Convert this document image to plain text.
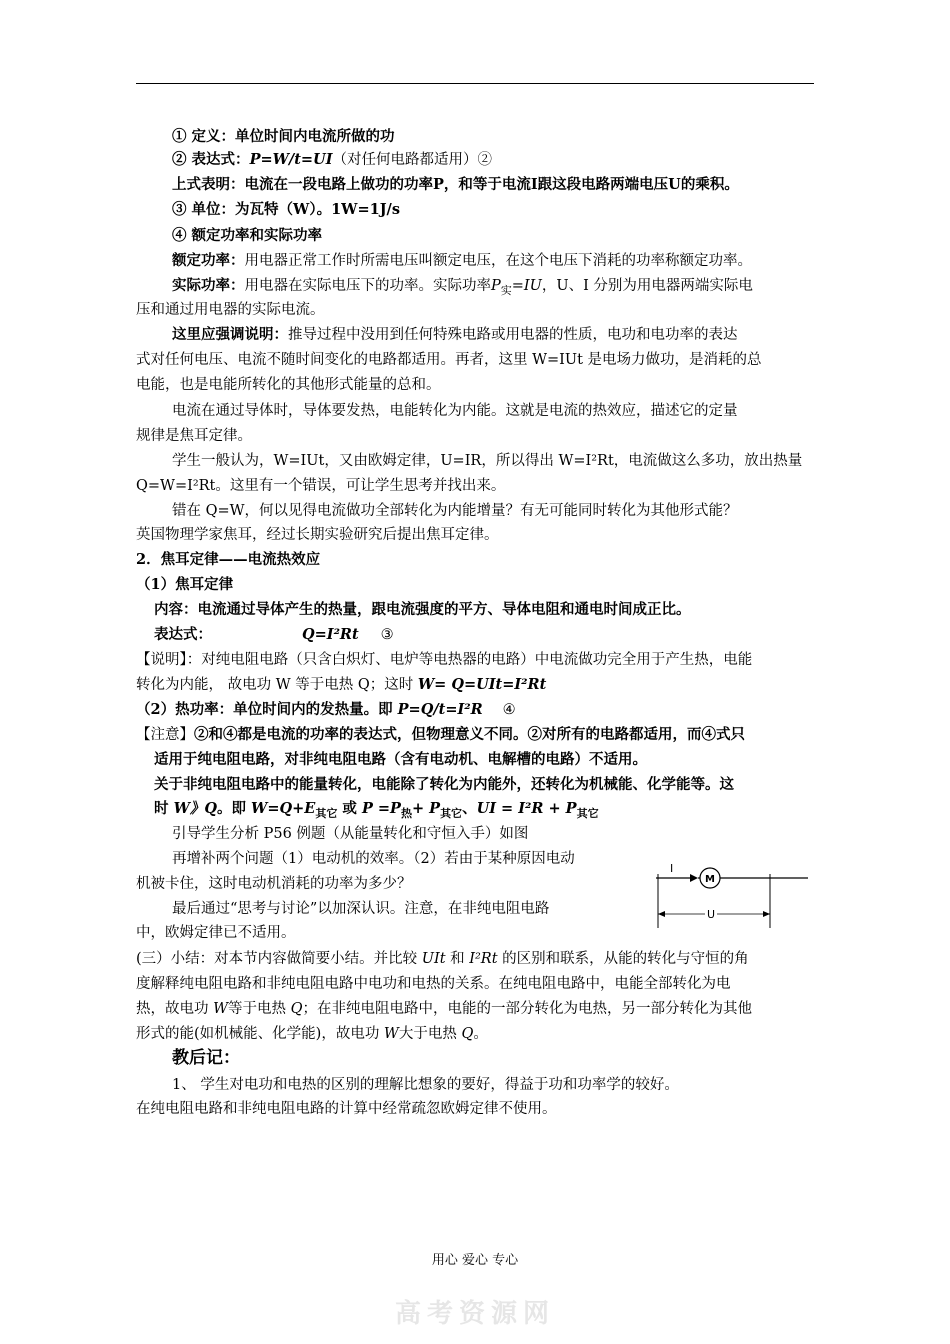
① 定义：单位时间内电流所做的功
② 表达式：P=W/t=UI（对任何电路都适用）②
上式表明：电流在一段电路上做功的功率P，和等于电流I跟这段电路两端电压U的乘积。
③ 单位：为瓦特（W）。1W=1J/s
④ 额定功率和实际功率
额定功率：用电器正常工作时所需电压叫额定电压，在这个电压下消耗的功率称额定功率。
实际功率：用电器在实际电压下的功率。实际功率$P_实=IU$，U、I 分别为用电器两端实际电
压和通过用电器的实际电流。
这里应强调说明：推导过程中没用到任何特殊电路或用电器的性质，电功和电功率的表达
式对任何电压、电流不随时间变化的电路都适用。再者，这里 W=IUt 是电场力做功，是消耗的总
电能，也是电能所转化的其他形式能量的总和。
电流在通过导体时，导体要发热，电能转化为内能。这就是电流的热效应，描述它的定量
规律是焦耳定律。
学生一般认为，W=IUt，又由欧姆定律，U=IR，所以得出 W=I²Rt，电流做这么多功，放出热量
Q=W=I²Rt。这里有一个错误，可让学生思考并找出来。
错在 Q=W，何以见得电流做功全部转化为内能增量？有无可能同时转化为其他形式能？
英国物理学家焦耳，经过长期实验研究后提出焦耳定律。
2．焦耳定律——电流热效应
（1）焦耳定律
内容：电流通过导体产生的热量，跟电流强度的平方、导体电阻和通电时间成正比。
表达式：	Q=I²Rt ③
【说明】：对纯电阻电路（只含白炽灯、电炉等电热器的电路）中电流做功完全用于产生热，电能
转化为内能， 故电功 W 等于电热 Q；这时 W= Q=UIt=I²Rt
（2）热功率：单位时间内的发热量。即 P=Q/t=I²R ④
【注意】②和④都是电流的功率的表达式，但物理意义不同。②对所有的电路都适用，而④式只
适用于纯电阻电路，对非纯电阻电路（含有电动机、电解槽的电路）不适用。
关于非纯电阻电路中的能量转化，电能除了转化为内能外，还转化为机械能、化学能等。这
时 W》Q。即 $W=Q+E_{其它}$ 或 $P =P_热+ P_{其它}$、UI = $I^2R + P_{其它}$
引导学生分析 P56 例题（从能量转化和守恒入手）如图
再增补两个问题（1）电动机的效率。（2）若由于某种原因电动
机被卡住，这时电动机消耗的功率为多少？
最后通过“思考与讨论”以加深认识。注意，在非纯电阻电路
中，欧姆定律已不适用。
I
M
U
(三）小结：对本节内容做简要小结。并比较 UIt 和 I²Rt 的区别和联系，从能的转化与守恒的角
度解释纯电阻电路和非纯电阻电路中电功和电热的关系。在纯电阻电路中，电能全部转化为电
热，故电功 W等于电热 Q；在非纯电阻电路中，电能的一部分转化为电热，另一部分转化为其他
形式的能(如机械能、化学能)，故电功 W大于电热 Q。
教后记：
1、 学生对电功和电热的区别的理解比想象的要好，得益于功和功率学的较好。
在纯电阻电路和非纯电阻电路的计算中经常疏忽欧姆定律不使用。
用心 爱心 专心
高考资源网
